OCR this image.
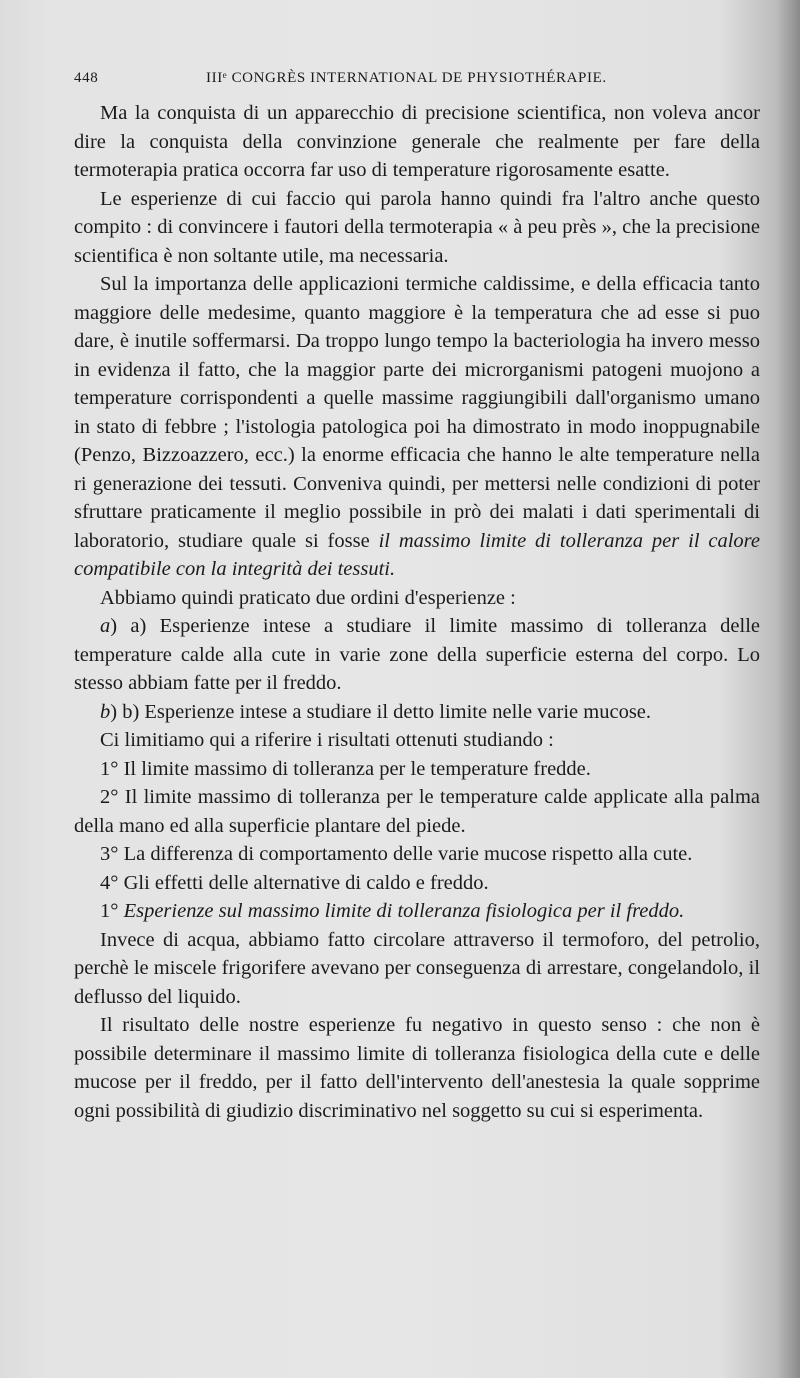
448	IIIᵉ CONGRÈS INTERNATIONAL DE PHYSIOTHÉRAPIE.

Ma la conquista di un apparecchio di precisione scientifica, non voleva ancor dire la conquista della convinzione generale che realmente per fare della termoterapia pratica occorra far uso di temperature rigorosamente esatte.

Le esperienze di cui faccio qui parola hanno quindi fra l'altro anche questo compito : di convincere i fautori della termoterapia « à peu près », che la precisione scientifica è non soltante utile, ma necessaria.

Sul la importanza delle applicazioni termiche caldissime, e della efficacia tanto maggiore delle medesime, quanto maggiore è la temperatura che ad esse si puo dare, è inutile soffermarsi. Da troppo lungo tempo la bacteriologia ha invero messo in evidenza il fatto, che la maggior parte dei microrganismi patogeni muojono a temperature corrispondenti a quelle massime raggiungibili dall'organismo umano in stato di febbre ; l'istologia patologica poi ha dimostrato in modo inoppugnabile (Penzo, Bizzoazzero, ecc.) la enorme efficacia che hanno le alte temperature nella ri generazione dei tessuti. Conveniva quindi, per mettersi nelle condizioni di poter sfruttare praticamente il meglio possibile in prò dei malati i dati sperimentali di laboratorio, studiare quale si fosse il massimo limite di tolleranza per il calore compatibile con la integrità dei tessuti.

Abbiamo quindi praticato due ordini d'esperienze :

a) a) Esperienze intese a studiare il limite massimo di tolleranza delle temperature calde alla cute in varie zone della superficie esterna del corpo. Lo stesso abbiam fatte per il freddo.

b) b) Esperienze intese a studiare il detto limite nelle varie mucose.

Ci limitiamo qui a riferire i risultati ottenuti studiando :

1° Il limite massimo di tolleranza per le temperature fredde.

2° Il limite massimo di tolleranza per le temperature calde applicate alla palma della mano ed alla superficie plantare del piede.

3° La differenza di comportamento delle varie mucose rispetto alla cute.

4° Gli effetti delle alternative di caldo e freddo.

1° Esperienze sul massimo limite di tolleranza fisiologica per il freddo.

Invece di acqua, abbiamo fatto circolare attraverso il termoforo, del petrolio, perchè le miscele frigorifere avevano per conseguenza di arrestare, congelandolo, il deflusso del liquido.

Il risultato delle nostre esperienze fu negativo in questo senso : che non è possibile determinare il massimo limite di tolleranza fisiologica della cute e delle mucose per il freddo, per il fatto dell'intervento dell'anestesia la quale sopprime ogni possibilità di giudizio discriminativo nel soggetto su cui si esperimenta.
